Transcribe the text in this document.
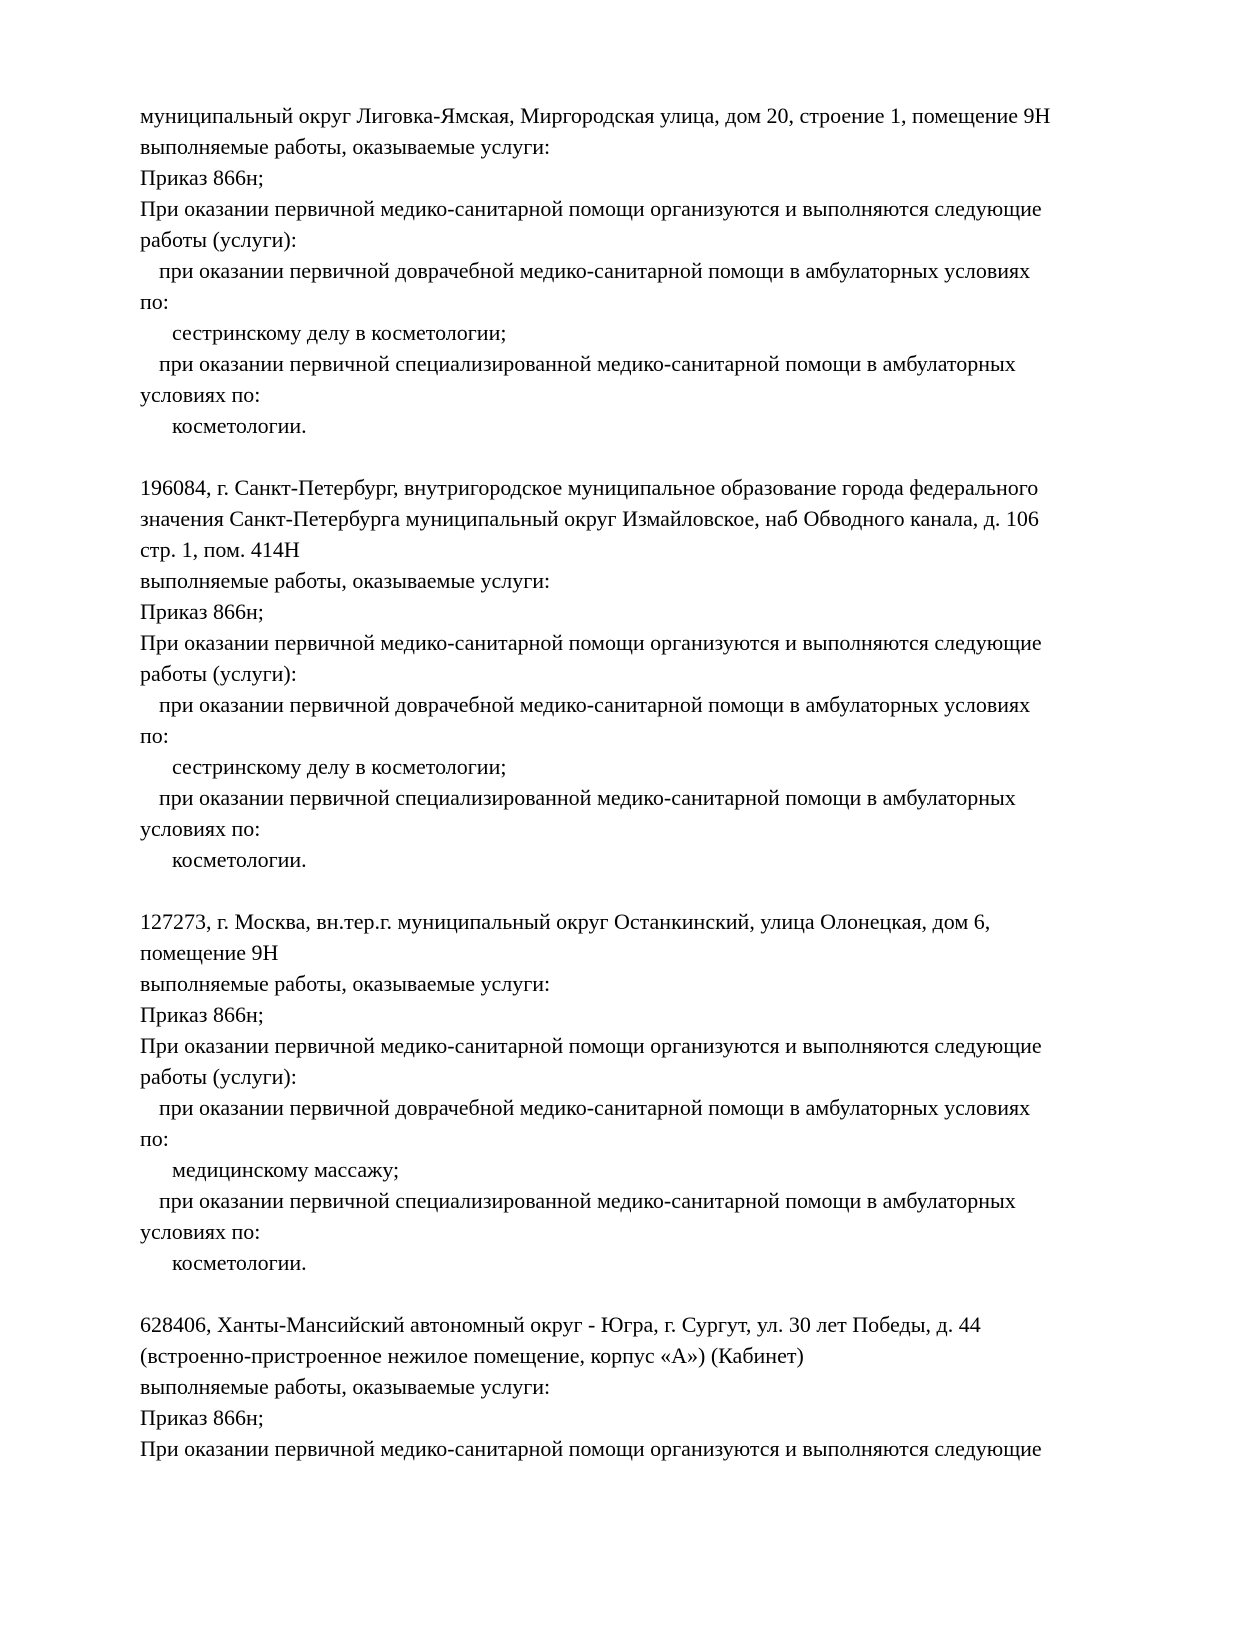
муниципальный округ Лиговка-Ямская, Миргородская улица, дом 20, строение 1, помещение 9Н
выполняемые работы, оказываемые услуги:
Приказ 866н;
При оказании первичной медико-санитарной помощи организуются и выполняются следующие
работы (услуги):
при оказании первичной доврачебной медико-санитарной помощи в амбулаторных условиях
по:
сестринскому делу в косметологии;
при оказании первичной специализированной медико-санитарной помощи в амбулаторных
условиях по:
косметологии.
196084, г. Санкт-Петербург, внутригородское муниципальное образование города федерального
значения Санкт-Петербурга муниципальный округ Измайловское, наб Обводного канала, д. 106
стр. 1, пом. 414Н
выполняемые работы, оказываемые услуги:
Приказ 866н;
При оказании первичной медико-санитарной помощи организуются и выполняются следующие
работы (услуги):
при оказании первичной доврачебной медико-санитарной помощи в амбулаторных условиях
по:
сестринскому делу в косметологии;
при оказании первичной специализированной медико-санитарной помощи в амбулаторных
условиях по:
косметологии.
127273, г. Москва, вн.тер.г. муниципальный округ Останкинский, улица Олонецкая, дом 6,
помещение 9Н
выполняемые работы, оказываемые услуги:
Приказ 866н;
При оказании первичной медико-санитарной помощи организуются и выполняются следующие
работы (услуги):
при оказании первичной доврачебной медико-санитарной помощи в амбулаторных условиях
по:
медицинскому массажу;
при оказании первичной специализированной медико-санитарной помощи в амбулаторных
условиях по:
косметологии.
628406, Ханты-Мансийский автономный округ - Югра, г. Сургут, ул. 30 лет Победы, д. 44
(встроенно-пристроенное нежилое помещение, корпус «А») (Кабинет)
выполняемые работы, оказываемые услуги:
Приказ 866н;
При оказании первичной медико-санитарной помощи организуются и выполняются следующие
